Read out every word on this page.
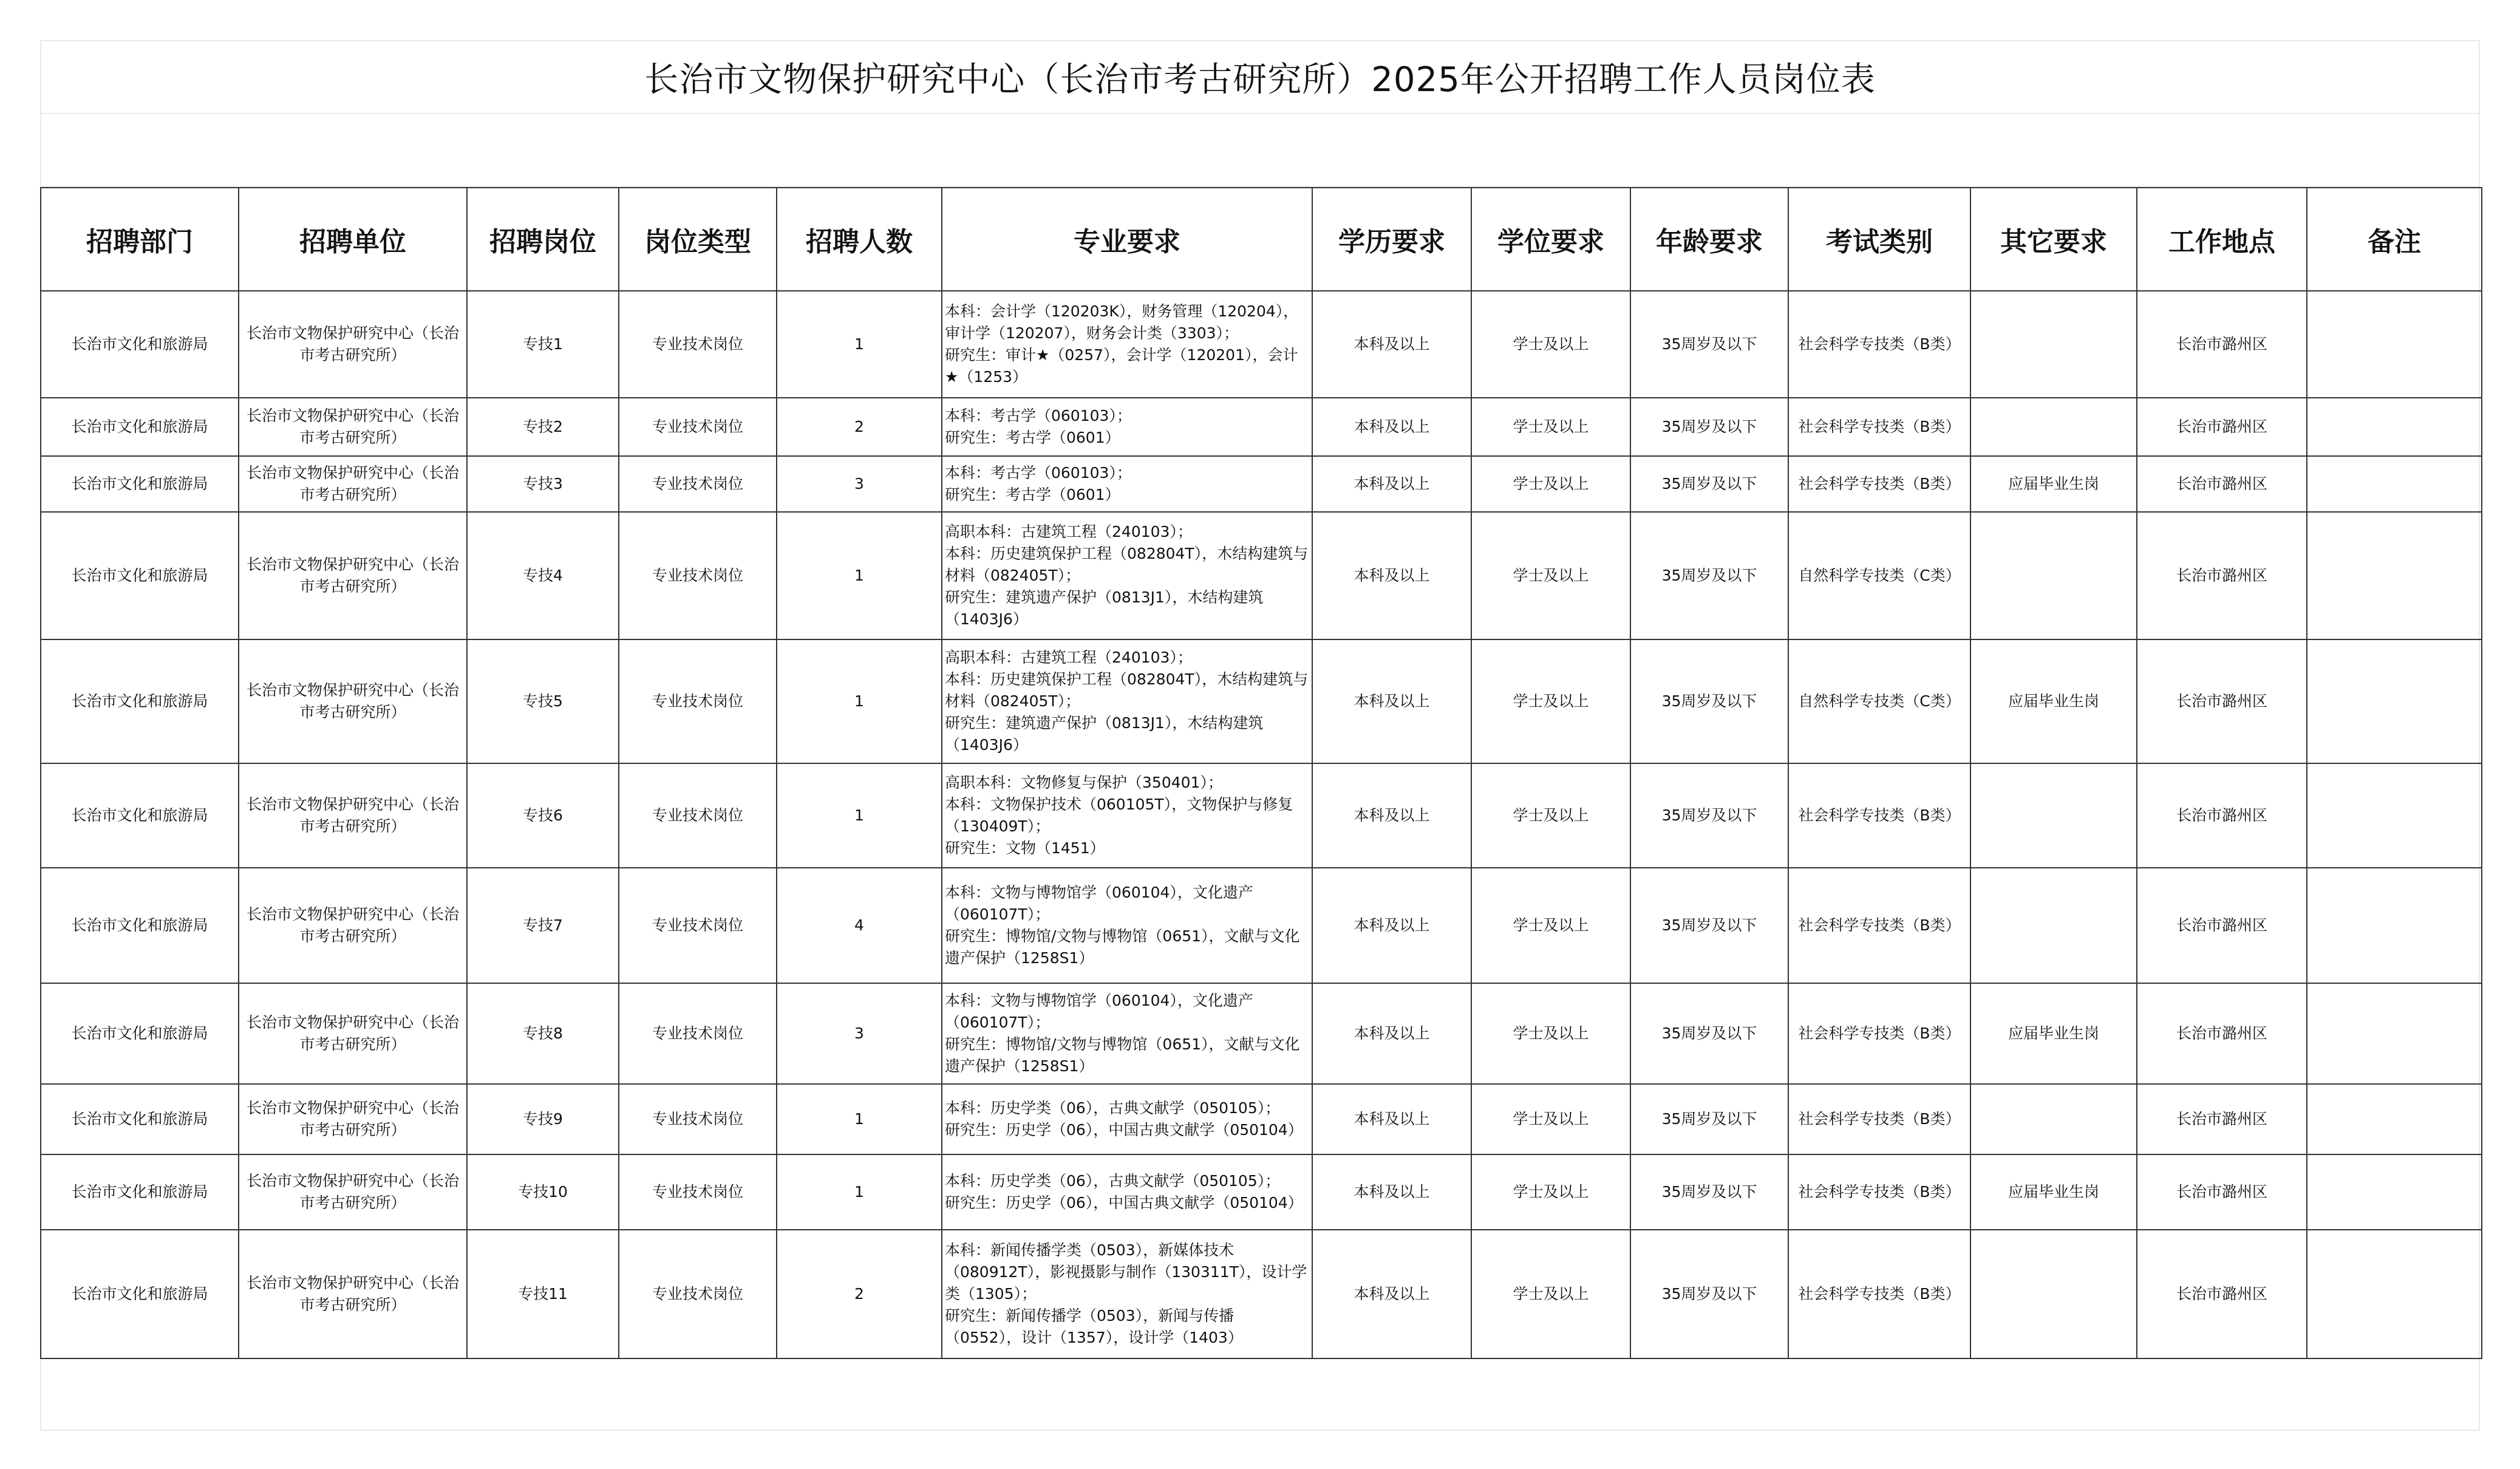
长治市文物保护研究中心（长治市考古研究所）2025年公开招聘工作人员岗位表
招聘部门	招聘单位	招聘岗位	岗位类型	招聘人数	专业要求	学历要求	学位要求	年龄要求	考试类别	其它要求	工作地点	备注
长治市文化和旅游局	长治市文物保护研究中心（长治市考古研究所）	专技1	专业技术岗位	1	本科：会计学（120203K），财务管理（120204），审计学（120207），财务会计类（3303）；
研究生：审计★（0257），会计学（120201），会计★（1253）	本科及以上	学士及以上	35周岁及以下	社会科学专技类（B类）		长治市潞州区	
长治市文化和旅游局	长治市文物保护研究中心（长治市考古研究所）	专技2	专业技术岗位	2	本科：考古学（060103）；
研究生：考古学（0601）	本科及以上	学士及以上	35周岁及以下	社会科学专技类（B类）		长治市潞州区	
长治市文化和旅游局	长治市文物保护研究中心（长治市考古研究所）	专技3	专业技术岗位	3	本科：考古学（060103）；
研究生：考古学（0601）	本科及以上	学士及以上	35周岁及以下	社会科学专技类（B类）	应届毕业生岗	长治市潞州区	
长治市文化和旅游局	长治市文物保护研究中心（长治市考古研究所）	专技4	专业技术岗位	1	高职本科：古建筑工程（240103）；
本科：历史建筑保护工程（082804T），木结构建筑与材料（082405T）；
研究生：建筑遗产保护（0813J1），木结构建筑（1403J6）	本科及以上	学士及以上	35周岁及以下	自然科学专技类（C类）		长治市潞州区	
长治市文化和旅游局	长治市文物保护研究中心（长治市考古研究所）	专技5	专业技术岗位	1	高职本科：古建筑工程（240103）；
本科：历史建筑保护工程（082804T），木结构建筑与材料（082405T）；
研究生：建筑遗产保护（0813J1），木结构建筑（1403J6）	本科及以上	学士及以上	35周岁及以下	自然科学专技类（C类）	应届毕业生岗	长治市潞州区	
长治市文化和旅游局	长治市文物保护研究中心（长治市考古研究所）	专技6	专业技术岗位	1	高职本科：文物修复与保护（350401）；
本科：文物保护技术（060105T），文物保护与修复（130409T）；
研究生：文物（1451）	本科及以上	学士及以上	35周岁及以下	社会科学专技类（B类）		长治市潞州区	
长治市文化和旅游局	长治市文物保护研究中心（长治市考古研究所）	专技7	专业技术岗位	4	本科：文物与博物馆学（060104），文化遗产（060107T）；
研究生：博物馆/文物与博物馆（0651），文献与文化遗产保护（1258S1）	本科及以上	学士及以上	35周岁及以下	社会科学专技类（B类）		长治市潞州区	
长治市文化和旅游局	长治市文物保护研究中心（长治市考古研究所）	专技8	专业技术岗位	3	本科：文物与博物馆学（060104），文化遗产（060107T）；
研究生：博物馆/文物与博物馆（0651），文献与文化遗产保护（1258S1）	本科及以上	学士及以上	35周岁及以下	社会科学专技类（B类）	应届毕业生岗	长治市潞州区	
长治市文化和旅游局	长治市文物保护研究中心（长治市考古研究所）	专技9	专业技术岗位	1	本科：历史学类（06），古典文献学（050105）；
研究生：历史学（06），中国古典文献学（050104）	本科及以上	学士及以上	35周岁及以下	社会科学专技类（B类）		长治市潞州区	
长治市文化和旅游局	长治市文物保护研究中心（长治市考古研究所）	专技10	专业技术岗位	1	本科：历史学类（06），古典文献学（050105）；
研究生：历史学（06），中国古典文献学（050104）	本科及以上	学士及以上	35周岁及以下	社会科学专技类（B类）	应届毕业生岗	长治市潞州区	
长治市文化和旅游局	长治市文物保护研究中心（长治市考古研究所）	专技11	专业技术岗位	2	本科：新闻传播学类（0503），新媒体技术（080912T），影视摄影与制作（130311T），设计学类（1305）；
研究生：新闻传播学（0503），新闻与传播（0552），设计（1357），设计学（1403）	本科及以上	学士及以上	35周岁及以下	社会科学专技类（B类）		长治市潞州区	
